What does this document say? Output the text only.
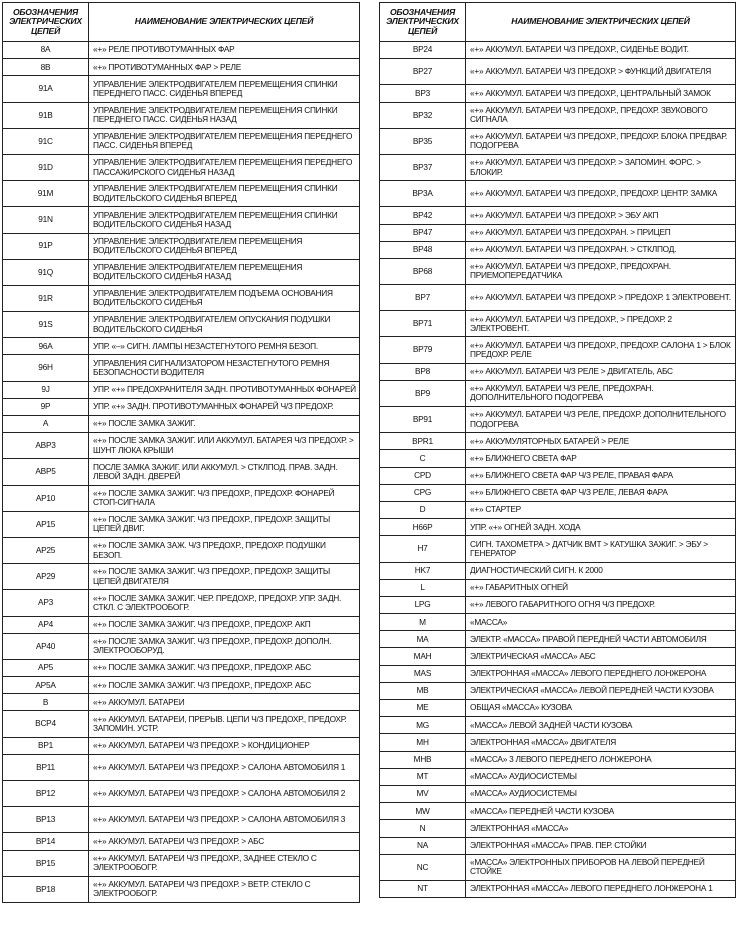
ОБОЗНАЧЕНИЯ ЭЛЕКТРИЧЕСКИХ ЦЕПЕЙ	НАИМЕНОВАНИЕ ЭЛЕКТРИЧЕСКИХ ЦЕПЕЙ
8A	«+» РЕЛЕ ПРОТИВОТУМАННЫХ ФАР
8B	«+» ПРОТИВОТУМАННЫХ ФАР > РЕЛЕ
91A	УПРАВЛЕНИЕ ЭЛЕКТРОДВИГАТЕЛЕМ ПЕРЕМЕЩЕНИЯ СПИНКИ ПЕРЕДНЕГО ПАСС. СИДЕНЬЯ ВПЕРЕД
91B	УПРАВЛЕНИЕ ЭЛЕКТРОДВИГАТЕЛЕМ ПЕРЕМЕЩЕНИЯ СПИНКИ ПЕРЕДНЕГО ПАСС. СИДЕНЬЯ НАЗАД
91C	УПРАВЛЕНИЕ ЭЛЕКТРОДВИГАТЕЛЕМ ПЕРЕМЕЩЕНИЯ ПЕРЕДНЕГО ПАСС. СИДЕНЬЯ ВПЕРЕД
91D	УПРАВЛЕНИЕ ЭЛЕКТРОДВИГАТЕЛЕМ ПЕРЕМЕЩЕНИЯ ПЕРЕДНЕГО ПАССАЖИРСКОГО СИДЕНЬЯ НАЗАД
91M	УПРАВЛЕНИЕ ЭЛЕКТРОДВИГАТЕЛЕМ ПЕРЕМЕЩЕНИЯ СПИНКИ ВОДИТЕЛЬСКОГО СИДЕНЬЯ ВПЕРЕД
91N	УПРАВЛЕНИЕ ЭЛЕКТРОДВИГАТЕЛЕМ ПЕРЕМЕЩЕНИЯ СПИНКИ ВОДИТЕЛЬСКОГО СИДЕНЬЯ НАЗАД
91P	УПРАВЛЕНИЕ ЭЛЕКТРОДВИГАТЕЛЕМ ПЕРЕМЕЩЕНИЯ ВОДИТЕЛЬСКОГО СИДЕНЬЯ ВПЕРЕД
91Q	УПРАВЛЕНИЕ ЭЛЕКТРОДВИГАТЕЛЕМ ПЕРЕМЕЩЕНИЯ ВОДИТЕЛЬСКОГО СИДЕНЬЯ НАЗАД
91R	УПРАВЛЕНИЕ ЭЛЕКТРОДВИГАТЕЛЕМ ПОДЪЕМА ОСНОВАНИЯ ВОДИТЕЛЬСКОГО СИДЕНЬЯ
91S	УПРАВЛЕНИЕ ЭЛЕКТРОДВИГАТЕЛЕМ ОПУСКАНИЯ ПОДУШКИ ВОДИТЕЛЬСКОГО СИДЕНЬЯ
96A	УПР. «–» СИГН. ЛАМПЫ НЕЗАСТЕГНУТОГО РЕМНЯ БЕЗОП.
96H	УПРАВЛЕНИЯ СИГНАЛИЗАТОРОМ НЕЗАСТЕГНУТОГО РЕМНЯ БЕЗОПАСНОСТИ ВОДИТЕЛЯ
9J	УПР. «+» ПРЕДОХРАНИТЕЛЯ ЗАДН. ПРОТИВОТУМАННЫХ ФОНАРЕЙ
9P	УПР. «+» ЗАДН. ПРОТИВОТУМАННЫХ ФОНАРЕЙ Ч/З ПРЕДОХР.
A	«+» ПОСЛЕ ЗАМКА ЗАЖИГ.
ABP3	«+» ПОСЛЕ ЗАМКА ЗАЖИГ. ИЛИ АККУМУЛ. БАТАРЕЯ Ч/З ПРЕДОХР. > ШУНТ ЛЮКА КРЫШИ
ABP5	ПОСЛЕ ЗАМКА ЗАЖИГ. ИЛИ АККУМУЛ. > СТКЛПОД. ПРАВ. ЗАДН. ЛЕВОЙ ЗАДН. ДВЕРЕЙ
AP10	«+» ПОСЛЕ ЗАМКА ЗАЖИГ. Ч/З ПРЕДОХР., ПРЕДОХР. ФОНАРЕЙ СТОП-СИГНАЛА
AP15	«+» ПОСЛЕ ЗАМКА ЗАЖИГ. Ч/З ПРЕДОХР., ПРЕДОХР. ЗАЩИТЫ ЦЕПЕЙ ДВИГ.
AP25	«+» ПОСЛЕ ЗАМКА ЗАЖ. Ч/З ПРЕДОХР., ПРЕДОХР. ПОДУШКИ БЕЗОП.
AP29	«+» ПОСЛЕ ЗАМКА ЗАЖИГ. Ч/З ПРЕДОХР., ПРЕДОХР. ЗАЩИТЫ ЦЕПЕЙ ДВИГАТЕЛЯ
AP3	«+» ПОСЛЕ ЗАМКА ЗАЖИГ. ЧЕР. ПРЕДОХР., ПРЕДОХР. УПР. ЗАДН. СТКЛ. С ЭЛЕКТРООБОГР.
AP4	«+» ПОСЛЕ ЗАМКА ЗАЖИГ. Ч/З ПРЕДОХР., ПРЕДОХР. АКП
AP40	«+» ПОСЛЕ ЗАМКА ЗАЖИГ. Ч/З ПРЕДОХР., ПРЕДОХР. ДОПОЛН. ЭЛЕКТРООБОРУД.
AP5	«+» ПОСЛЕ ЗАМКА ЗАЖИГ. Ч/З ПРЕДОХР., ПРЕДОХР. АБС
AP5A	«+» ПОСЛЕ ЗАМКА ЗАЖИГ. Ч/З ПРЕДОХР., ПРЕДОХР. АБС
B	«+» АККУМУЛ. БАТАРЕИ
BCP4	«+» АККУМУЛ. БАТАРЕИ, ПРЕРЫВ. ЦЕПИ Ч/З ПРЕДОХР., ПРЕДОХР. ЗАПОМИН. УСТР.
BP1	«+» АККУМУЛ. БАТАРЕИ Ч/З ПРЕДОХР. > КОНДИЦИОНЕР
BP11	«+» АККУМУЛ. БАТАРЕИ Ч/З ПРЕДОХР. > САЛОНА АВТОМОБИЛЯ 1
BP12	«+» АККУМУЛ. БАТАРЕИ Ч/З ПРЕДОХР. > САЛОНА АВТОМОБИЛЯ 2
BP13	«+» АККУМУЛ. БАТАРЕИ Ч/З ПРЕДОХР. > САЛОНА АВТОМОБИЛЯ 3
BP14	«+» АККУМУЛ. БАТАРЕИ Ч/З ПРЕДОХР. > АБС
BP15	«+» АККУМУЛ. БАТАРЕИ Ч/З ПРЕДОХР., ЗАДНЕЕ СТЕКЛО С ЭЛЕКТРООБОГР.
BP18	«+» АККУМУЛ. БАТАРЕИ Ч/З ПРЕДОХР. > ВЕТР. СТЕКЛО С ЭЛЕКТРООБОГР.
ОБОЗНАЧЕНИЯ ЭЛЕКТРИЧЕСКИХ ЦЕПЕЙ	НАИМЕНОВАНИЕ ЭЛЕКТРИЧЕСКИХ ЦЕПЕЙ
BP24	«+» АККУМУЛ. БАТАРЕИ Ч/З ПРЕДОХР., СИДЕНЬЕ ВОДИТ.
BP27	«+» АККУМУЛ. БАТАРЕИ Ч/З ПРЕДОХР. > ФУНКЦИЙ ДВИГАТЕЛЯ
BP3	«+» АККУМУЛ. БАТАРЕИ Ч/З ПРЕДОХР., ЦЕНТРАЛЬНЫЙ ЗАМОК
BP32	«+» АККУМУЛ. БАТАРЕИ Ч/З ПРЕДОХР., ПРЕДОХР. ЗВУКОВОГО СИГНАЛА
BP35	«+» АККУМУЛ. БАТАРЕИ Ч/З ПРЕДОХР., ПРЕДОХР. БЛОКА ПРЕДВАР. ПОДОГРЕВА
BP37	«+» АККУМУЛ. БАТАРЕИ Ч/З ПРЕДОХР. > ЗАПОМИН. ФОРС. > БЛОКИР.
BP3A	«+» АККУМУЛ. БАТАРЕИ Ч/З ПРЕДОХР., ПРЕДОХР. ЦЕНТР. ЗАМКА
BP42	«+» АККУМУЛ. БАТАРЕИ Ч/З ПРЕДОХР. > ЭБУ АКП
BP47	«+» АККУМУЛ. БАТАРЕИ Ч/З ПРЕДОХРАН. > ПРИЦЕП
BP48	«+» АККУМУЛ. БАТАРЕИ Ч/З ПРЕДОХРАН. > СТКЛПОД.
BP68	«+» АККУМУЛ. БАТАРЕИ Ч/З ПРЕДОХР., ПРЕДОХРАН. ПРИЕМОПЕРЕДАТЧИКА
BP7	«+» АККУМУЛ. БАТАРЕИ Ч/З ПРЕДОХР. > ПРЕДОХР. 1 ЭЛЕКТРОВЕНТ.
BP71	«+» АККУМУЛ. БАТАРЕИ Ч/З ПРЕДОХР., > ПРЕДОХР. 2 ЭЛЕКТРОВЕНТ.
BP79	«+» АККУМУЛ. БАТАРЕИ Ч/З ПРЕДОХР., ПРЕДОХР. САЛОНА 1 > БЛОК ПРЕДОХР. РЕЛЕ
BP8	«+» АККУМУЛ. БАТАРЕИ Ч/З РЕЛЕ > ДВИГАТЕЛЬ, АБС
BP9	«+» АККУМУЛ. БАТАРЕИ Ч/З РЕЛЕ, ПРЕДОХРАН. ДОПОЛНИТЕЛЬНОГО ПОДОГРЕВА
BP91	«+» АККУМУЛ. БАТАРЕИ Ч/З РЕЛЕ, ПРЕДОХР. ДОПОЛНИТЕЛЬНОГО ПОДОГРЕВА
BPR1	«+» АККУМУЛЯТОРНЫХ БАТАРЕЙ > РЕЛЕ
C	«+» БЛИЖНЕГО СВЕТА ФАР
CPD	«+» БЛИЖНЕГО СВЕТА ФАР Ч/З РЕЛЕ, ПРАВАЯ ФАРА
CPG	«+» БЛИЖНЕГО СВЕТА ФАР Ч/З РЕЛЕ, ЛЕВАЯ ФАРА
D	«+» СТАРТЕР
H66P	УПР. «+» ОГНЕЙ ЗАДН. ХОДА
H7	СИГН. ТАХОМЕТРА > ДАТЧИК ВМТ > КАТУШКА ЗАЖИГ. > ЭБУ > ГЕНЕРАТОР
HK7	ДИАГНОСТИЧЕСКИЙ СИГН. К 2000
L	«+» ГАБАРИТНЫХ ОГНЕЙ
LPG	«+» ЛЕВОГО ГАБАРИТНОГО ОГНЯ Ч/З ПРЕДОХР.
M	«МАССА»
MA	ЭЛЕКТР. «МАССА» ПРАВОЙ ПЕРЕДНЕЙ ЧАСТИ АВТОМОБИЛЯ
MAH	ЭЛЕКТРИЧЕСКАЯ «МАССА» АБС
MAS	ЭЛЕКТРОННАЯ «МАССА» ЛЕВОГО ПЕРЕДНЕГО ЛОНЖЕРОНА
MB	ЭЛЕКТРИЧЕСКАЯ «МАССА» ЛЕВОЙ ПЕРЕДНЕЙ ЧАСТИ КУЗОВА
ME	ОБЩАЯ «МАССА» КУЗОВА
MG	«МАССА» ЛЕВОЙ ЗАДНЕЙ ЧАСТИ КУЗОВА
MH	ЭЛЕКТРОННАЯ «МАССА» ДВИГАТЕЛЯ
MHB	«МАССА» 3 ЛЕВОГО ПЕРЕДНЕГО ЛОНЖЕРОНА
MT	«МАССА» АУДИОСИСТЕМЫ
MV	«МАССА» АУДИОСИСТЕМЫ
MW	«МАССА» ПЕРЕДНЕЙ ЧАСТИ КУЗОВА
N	ЭЛЕКТРОННАЯ «МАССА»
NA	ЭЛЕКТРОННАЯ «МАССА» ПРАВ. ПЕР. СТОЙКИ
NC	«МАССА» ЭЛЕКТРОННЫХ ПРИБОРОВ НА ЛЕВОЙ ПЕРЕДНЕЙ СТОЙКЕ
NT	ЭЛЕКТРОННАЯ «МАССА» ЛЕВОГО ПЕРЕДНЕГО ЛОНЖЕРОНА 1
